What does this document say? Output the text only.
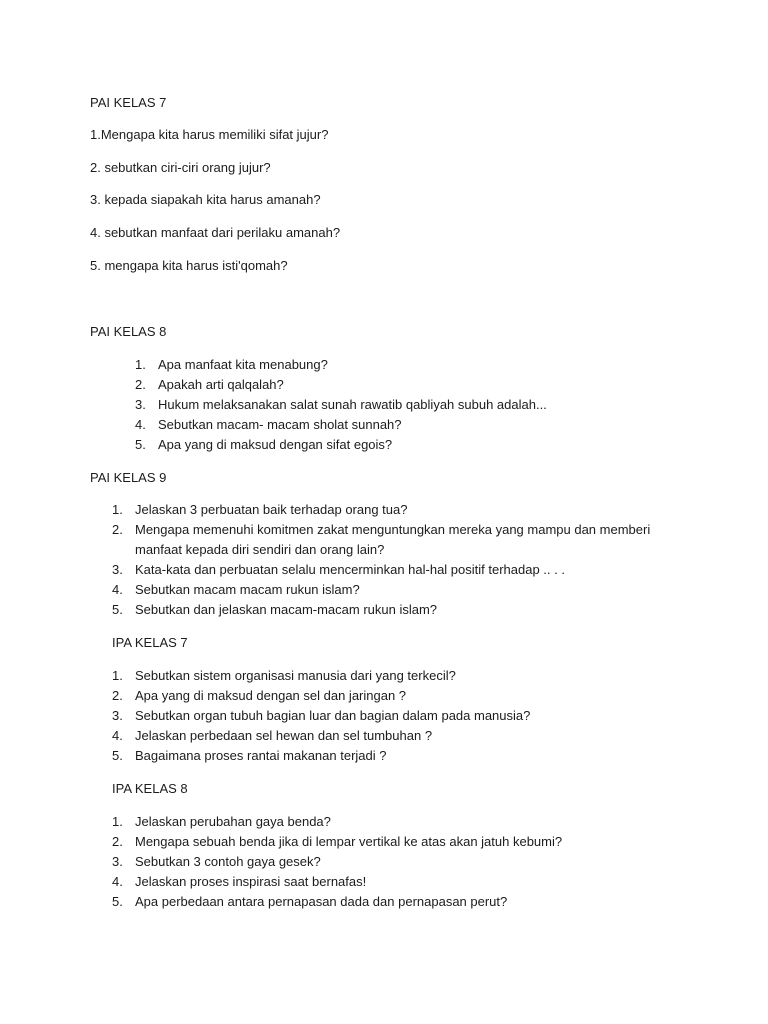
PAI KELAS 7
1.Mengapa kita harus memiliki sifat jujur?
2. sebutkan ciri-ciri orang jujur?
3. kepada siapakah kita harus amanah?
4. sebutkan manfaat dari perilaku amanah?
5. mengapa kita harus isti'qomah?
PAI KELAS 8
1. Apa manfaat kita menabung?
2. Apakah arti qalqalah?
3. Hukum melaksanakan salat sunah rawatib qabliyah subuh adalah...
4. Sebutkan macam- macam sholat sunnah?
5. Apa yang di maksud dengan sifat egois?
PAI KELAS 9
1. Jelaskan 3 perbuatan baik terhadap orang tua?
2. Mengapa memenuhi komitmen zakat menguntungkan mereka yang mampu dan memberi
manfaat kepada diri sendiri dan orang lain?
3. Kata-kata dan perbuatan selalu mencerminkan hal-hal positif terhadap .. . .
4. Sebutkan macam macam rukun islam?
5. Sebutkan dan jelaskan macam-macam rukun islam?
IPA KELAS 7
1. Sebutkan sistem organisasi manusia dari yang terkecil?
2. Apa yang di maksud dengan sel dan jaringan ?
3. Sebutkan organ tubuh bagian luar dan bagian dalam pada manusia?
4. Jelaskan perbedaan sel hewan dan sel tumbuhan ?
5. Bagaimana proses rantai makanan terjadi ?
IPA KELAS 8
1. Jelaskan perubahan gaya benda?
2. Mengapa sebuah benda jika di lempar vertikal ke atas akan jatuh kebumi?
3. Sebutkan 3 contoh gaya gesek?
4. Jelaskan proses inspirasi saat bernafas!
5. Apa perbedaan antara pernapasan dada dan pernapasan perut?
